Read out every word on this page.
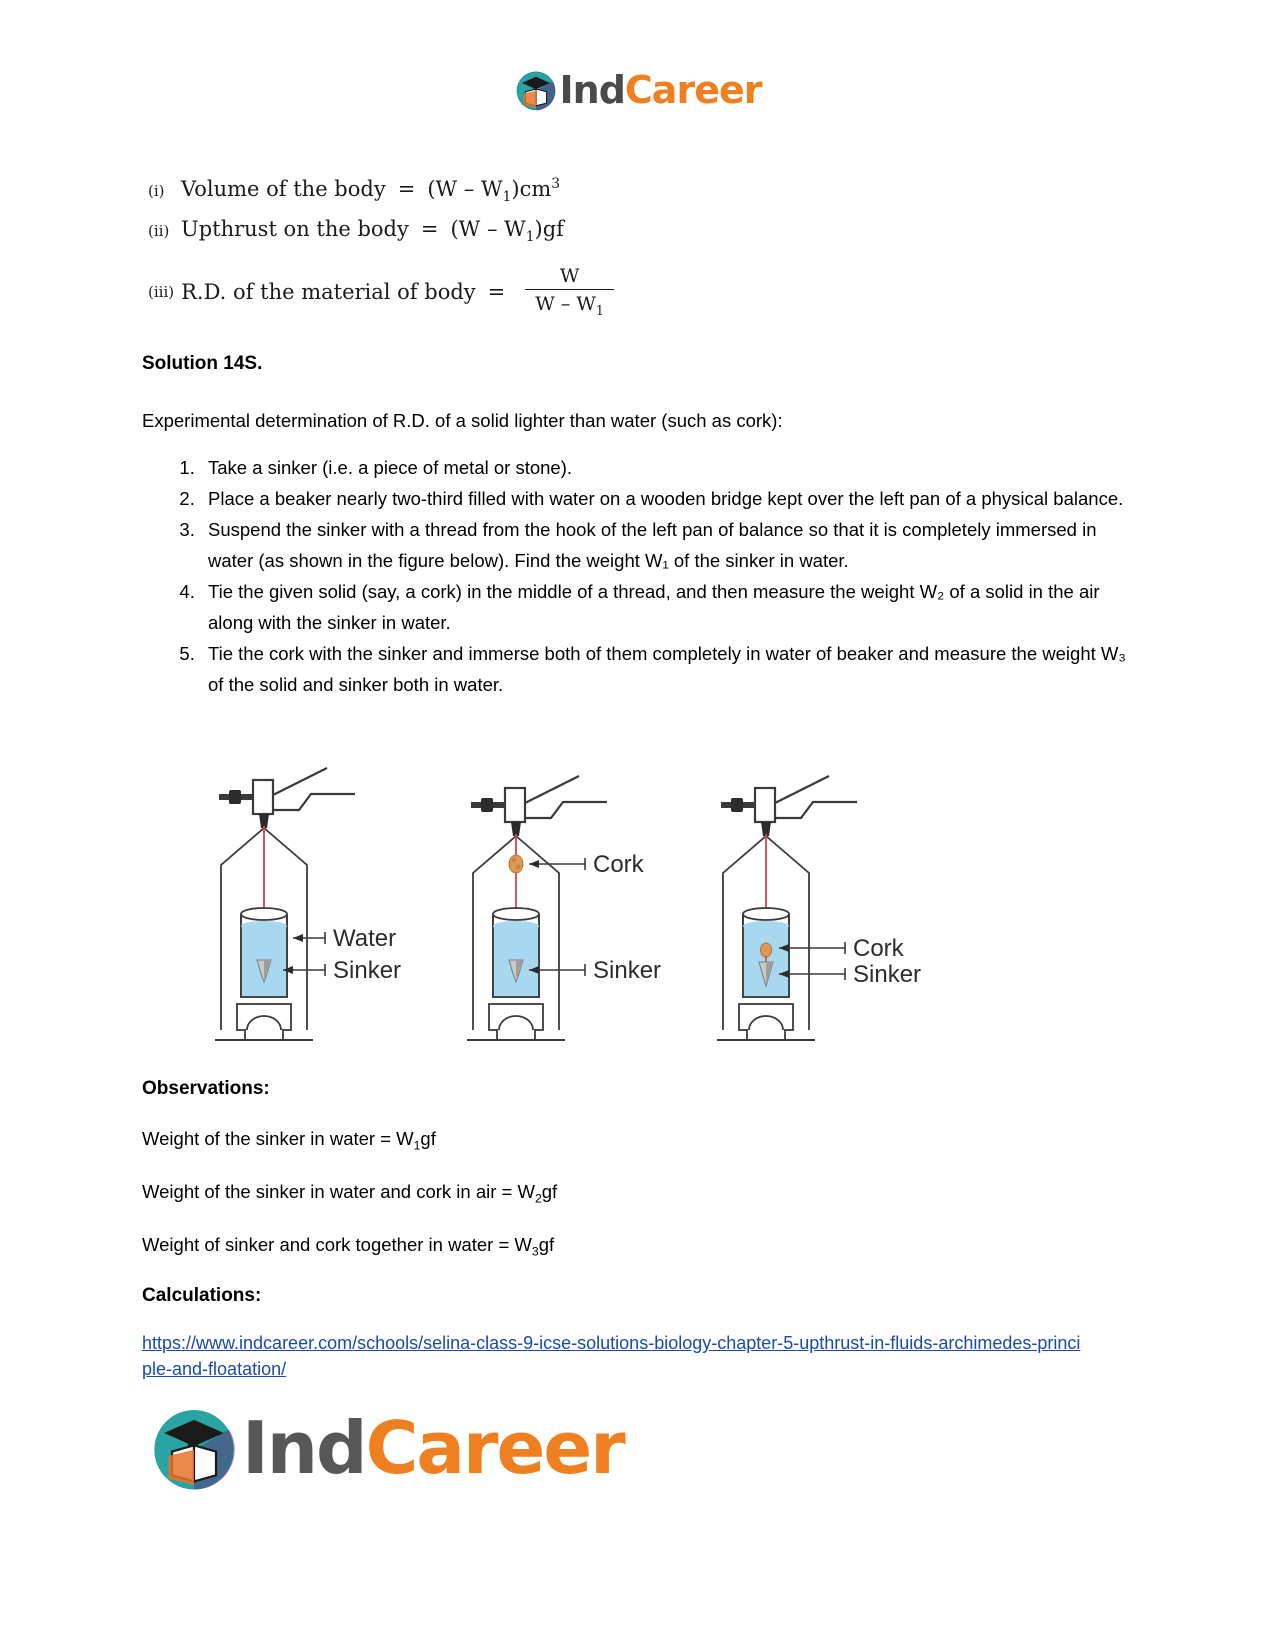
IndCareer
(i) Volume of the body = $(W - W_1)cm^3$
(ii) Upthrust on the body = $(W - W_1)gf$
(iii) R.D. of the material of body = $\frac{W}{W - W_1}$
Solution 14S.
Experimental determination of R.D. of a solid lighter than water (such as cork):
1. Take a sinker (i.e. a piece of metal or stone).
2. Place a beaker nearly two-third filled with water on a wooden bridge kept over the left pan of a physical balance.
3. Suspend the sinker with a thread from the hook of the left pan of balance so that it is completely immersed in water (as shown in the figure below). Find the weight W₁ of the sinker in water.
4. Tie the given solid (say, a cork) in the middle of a thread, and then measure the weight W₂ of a solid in the air along with the sinker in water.
5. Tie the cork with the sinker and immerse both of them completely in water of beaker and measure the weight W₃ of the solid and sinker both in water.
Water
Sinker
Cork
Sinker
Cork
Sinker
Observations:
Weight of the sinker in water = $W_1gf$
Weight of the sinker in water and cork in air = $W_2gf$
Weight of sinker and cork together in water = $W_3gf$
Calculations:
https://www.indcareer.com/schools/selina-class-9-icse-solutions-biology-chapter-5-upthrust-in-fluids-archimedes-principle-and-floatation/
IndCareer
